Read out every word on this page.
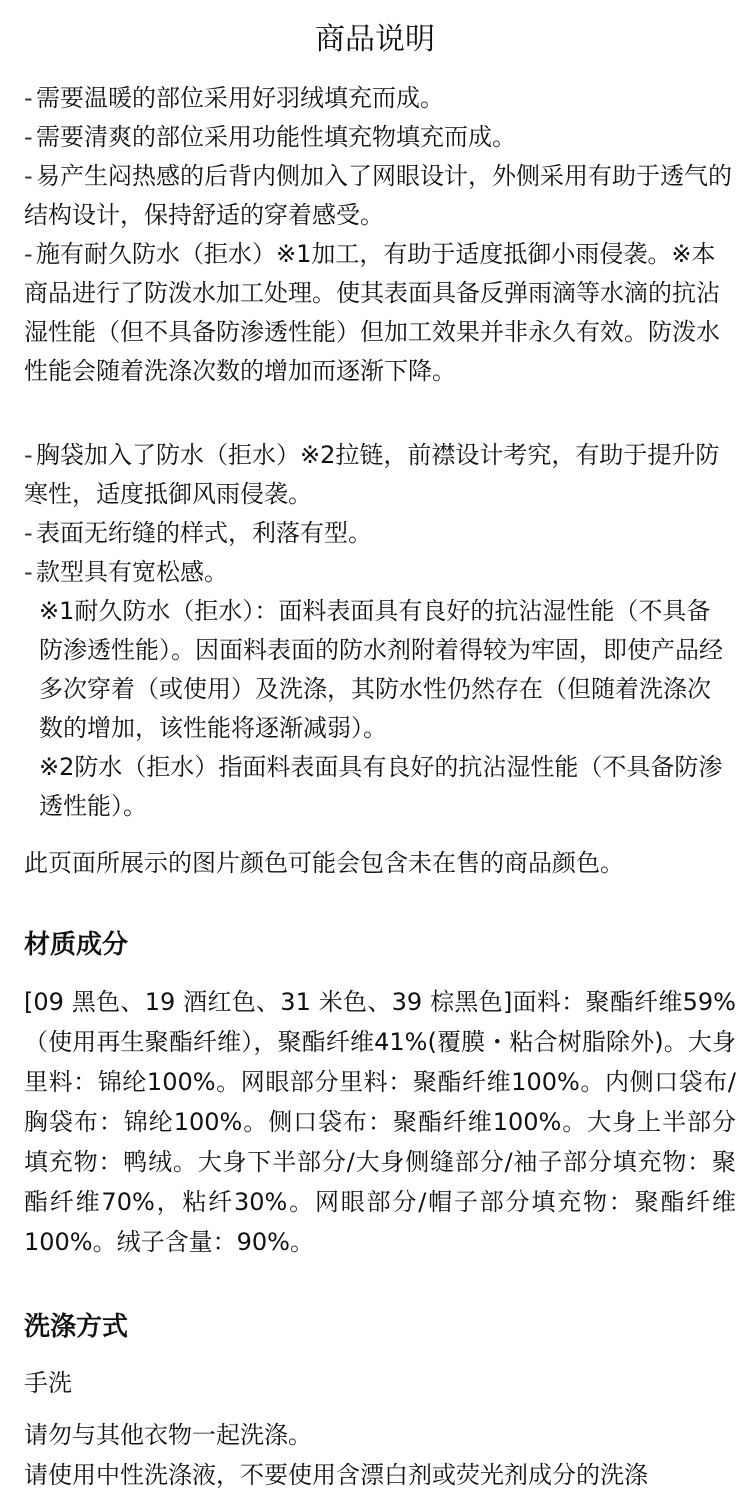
商品说明

- 需要温暖的部位采用好羽绒填充而成。

- 需要清爽的部位采用功能性填充物填充而成。

- 易产生闷热感的后背内侧加入了网眼设计，外侧采用有助于透气的结构设计，保持舒适的穿着感受。

- 施有耐久防水（拒水）※1加工，有助于适度抵御小雨侵袭。※本商品进行了防泼水加工处理。使其表面具备反弹雨滴等水滴的抗沾湿性能（但不具备防渗透性能）但加工效果并非永久有效。防泼水性能会随着洗涤次数的增加而逐渐下降。

- 胸袋加入了防水（拒水）※2拉链，前襟设计考究，有助于提升防寒性，适度抵御风雨侵袭。

- 表面无绗缝的样式，利落有型。

- 款型具有宽松感。

※1耐久防水（拒水）：面料表面具有良好的抗沾湿性能（不具备防渗透性能）。因面料表面的防水剂附着得较为牢固，即使产品经多次穿着（或使用）及洗涤，其防水性仍然存在（但随着洗涤次数的增加，该性能将逐渐减弱）。

※2防水（拒水）指面料表面具有良好的抗沾湿性能（不具备防渗透性能）。

此页面所展示的图片颜色可能会包含未在售的商品颜色。
材质成分
[09 黑色、19 酒红色、31 米色、39 棕黑色]面料：聚酯纤维59%（使用再生聚酯纤维），聚酯纤维41%(覆膜・粘合树脂除外)。大身里料：锦纶100%。网眼部分里料：聚酯纤维100%。内侧口袋布/胸袋布：锦纶100%。侧口袋布：聚酯纤维100%。大身上半部分填充物：鸭绒。大身下半部分/大身侧缝部分/袖子部分填充物：聚酯纤维70%，粘纤30%。网眼部分/帽子部分填充物：聚酯纤维100%。绒子含量：90%。
洗涤方式

手洗

请勿与其他衣物一起洗涤。

请使用中性洗涤液，不要使用含漂白剂或荧光剂成分的洗涤
